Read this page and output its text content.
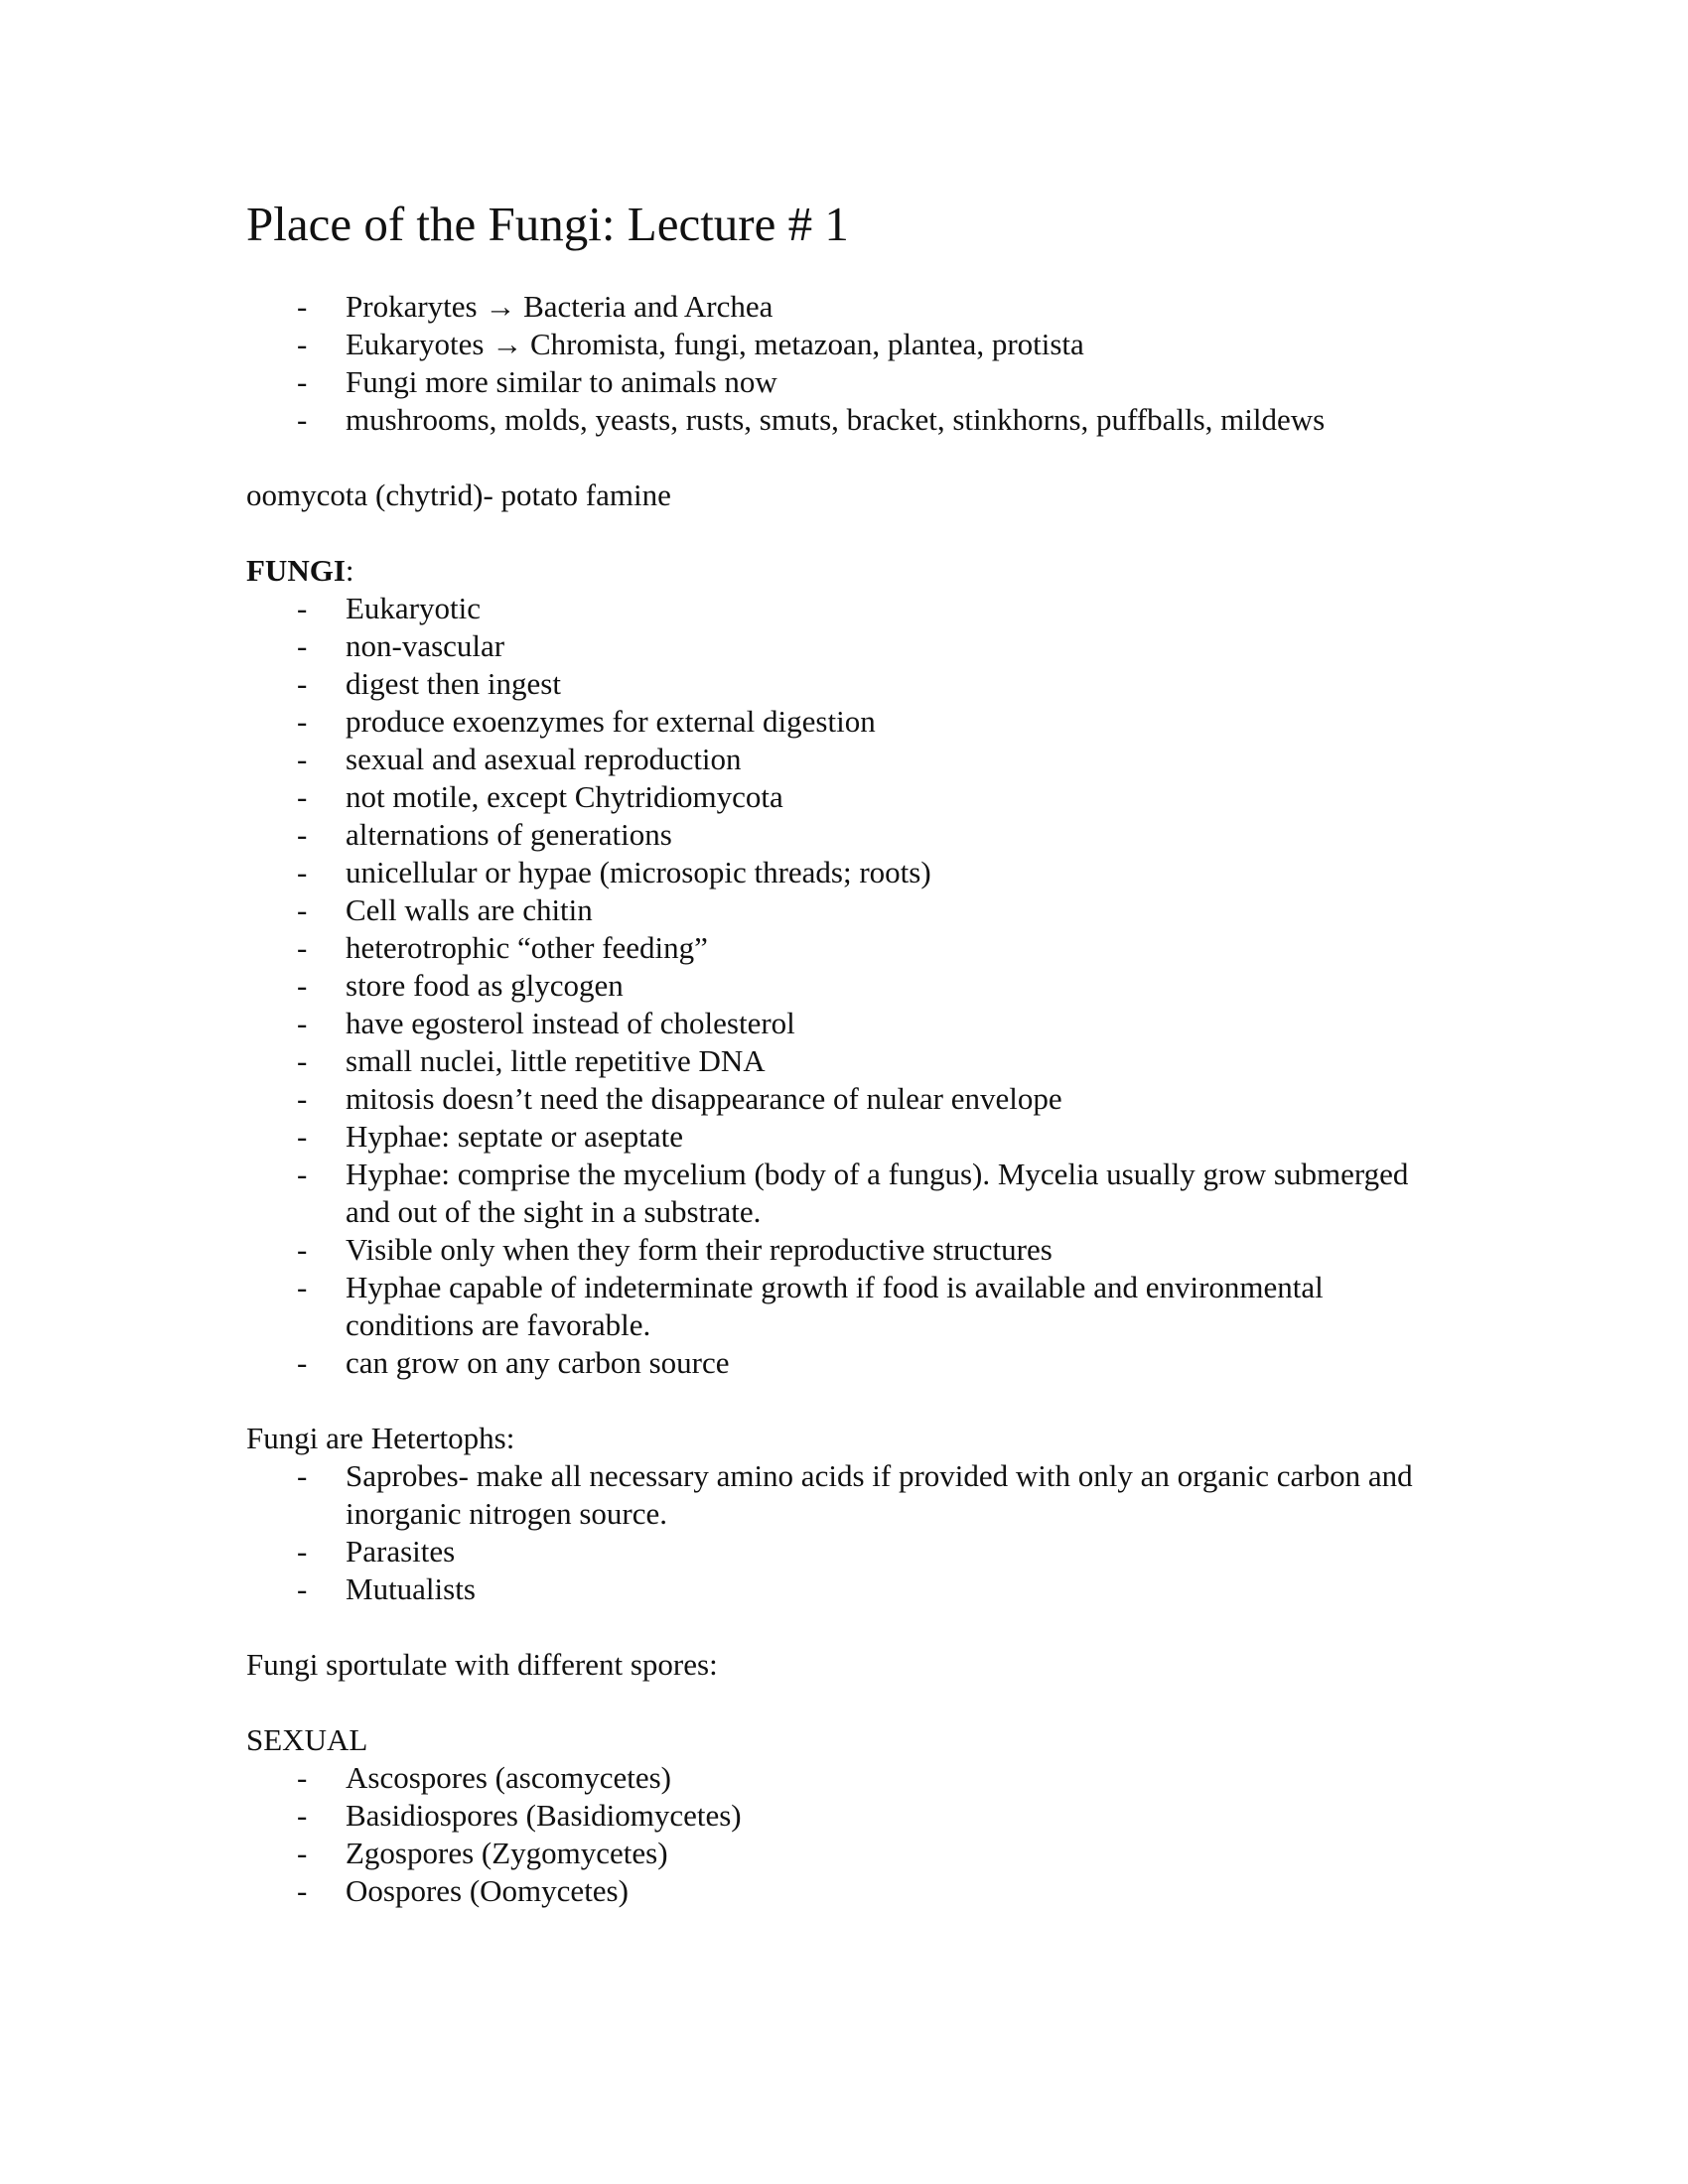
Place of the Fungi: Lecture # 1
- Prokarytes → Bacteria and Archea
- Eukaryotes → Chromista, fungi, metazoan, plantea, protista
- Fungi more similar to animals now
- mushrooms, molds, yeasts, rusts, smuts, bracket, stinkhorns, puffballs, mildews

oomycota (chytrid)- potato famine

FUNGI:

- Eukaryotic
- non-vascular
- digest then ingest
- produce exoenzymes for external digestion
- sexual and asexual reproduction
- not motile, except Chytridiomycota
- alternations of generations
- unicellular or hypae (microsopic threads; roots)
- Cell walls are chitin
- heterotrophic “other feeding”
- store food as glycogen
- have egosterol instead of cholesterol
- small nuclei, little repetitive DNA
- mitosis doesn’t need the disappearance of nulear envelope
- Hyphae: septate or aseptate
- Hyphae: comprise the mycelium (body of a fungus). Mycelia usually grow submerged and out of the sight in a substrate.
- Visible only when they form their reproductive structures
- Hyphae capable of indeterminate growth if food is available and environmental conditions are favorable.
- can grow on any carbon source

Fungi are Hetertophs:

- Saprobes- make all necessary amino acids if provided with only an organic carbon and inorganic nitrogen source.
- Parasites
- Mutualists

Fungi sportulate with different spores:

SEXUAL

- Ascospores (ascomycetes)
- Basidiospores (Basidiomycetes)
- Zgospores (Zygomycetes)
- Oospores (Oomycetes)
